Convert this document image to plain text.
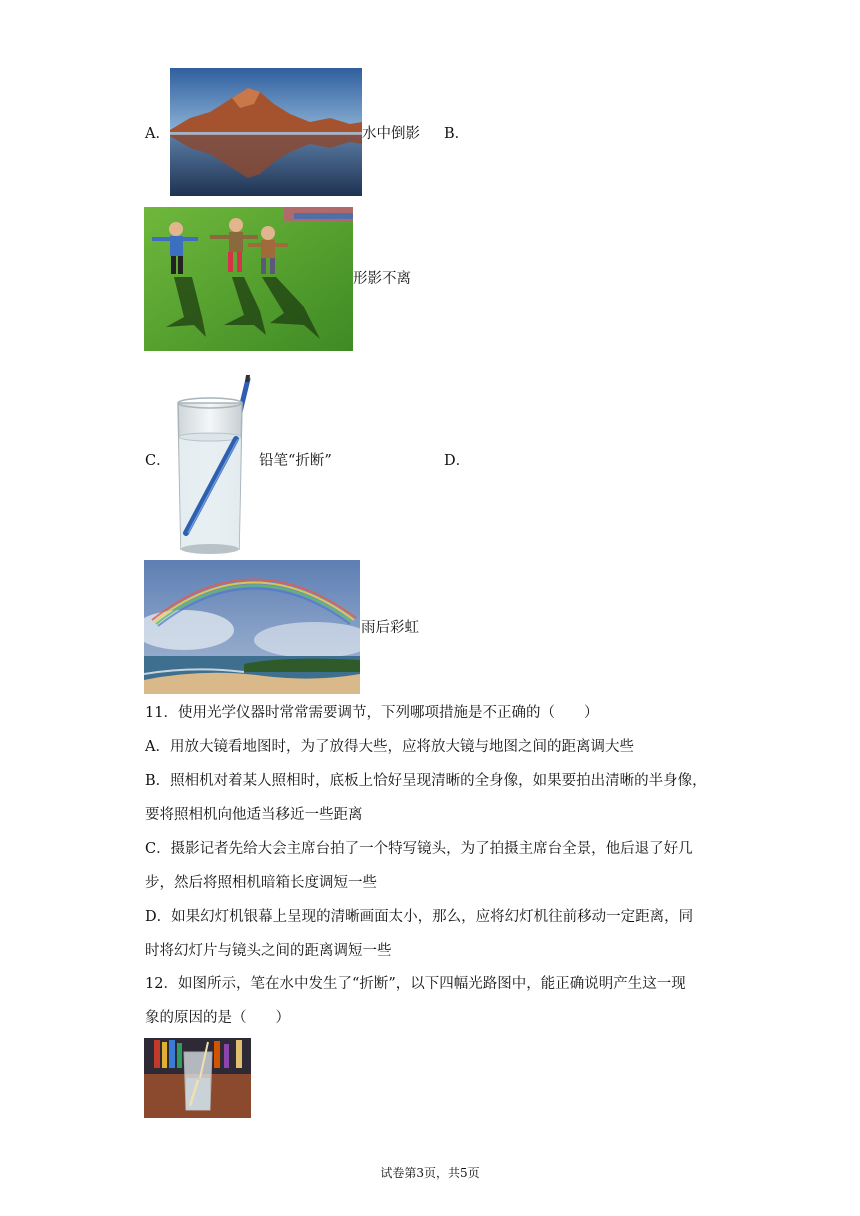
A．	水中倒影 B．
形影不离
C．	铅笔“折断”	D．
雨后彩虹
11．使用光学仪器时常常需要调节，下列哪项措施是不正确的（　　）
A．用放大镜看地图时，为了放得大些，应将放大镜与地图之间的距离调大些
B．照相机对着某人照相时，底板上恰好呈现清晰的全身像，如果要拍出清晰的半身像，
要将照相机向他适当移近一些距离
C．摄影记者先给大会主席台拍了一个特写镜头，为了拍摄主席台全景，他后退了好几
步，然后将照相机暗箱长度调短一些
D．如果幻灯机银幕上呈现的清晰画面太小，那么，应将幻灯机往前移动一定距离，同
时将幻灯片与镜头之间的距离调短一些
12．如图所示，笔在水中发生了“折断”，以下四幅光路图中，能正确说明产生这一现
象的原因的是（　　）
试卷第3页，共5页
